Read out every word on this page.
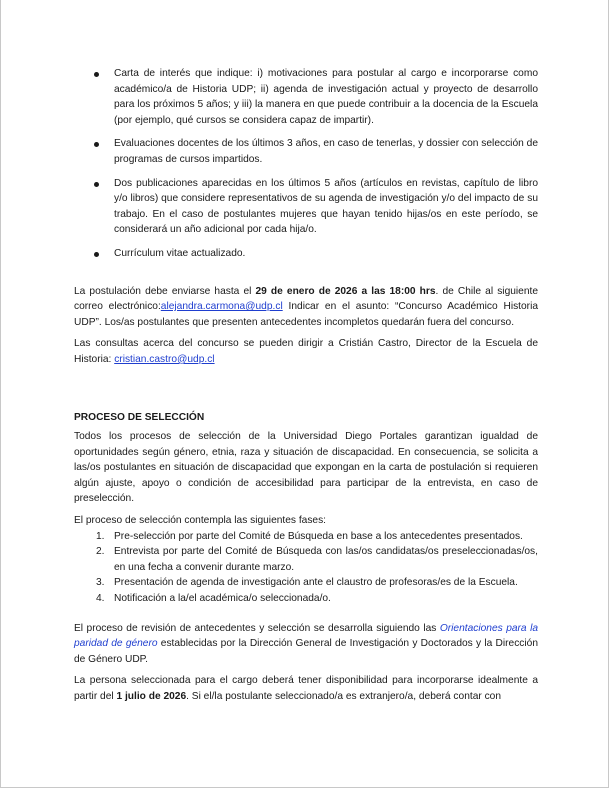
Carta de interés que indique: i) motivaciones para postular al cargo e incorporarse como académico/a de Historia UDP; ii) agenda de investigación actual y proyecto de desarrollo para los próximos 5 años; y iii) la manera en que puede contribuir a la docencia de la Escuela (por ejemplo, qué cursos se considera capaz de impartir).
Evaluaciones docentes de los últimos 3 años, en caso de tenerlas, y dossier con selección de programas de cursos impartidos.
Dos publicaciones aparecidas en los últimos 5 años (artículos en revistas, capítulo de libro y/o libros) que considere representativos de su agenda de investigación y/o del impacto de su trabajo. En el caso de postulantes mujeres que hayan tenido hijas/os en este período, se considerará un año adicional por cada hija/o.
Currículum vitae actualizado.

La postulación debe enviarse hasta el 29 de enero de 2026 a las 18:00 hrs. de Chile al siguiente correo electrónico:alejandra.carmona@udp.cl Indicar en el asunto: “Concurso Académico Historia UDP”. Los/as postulantes que presenten antecedentes incompletos quedarán fuera del concurso.

Las consultas acerca del concurso se pueden dirigir a Cristián Castro, Director de la Escuela de Historia: cristian.castro@udp.cl

PROCESO DE SELECCIÓN

Todos los procesos de selección de la Universidad Diego Portales garantizan igualdad de oportunidades según género, etnia, raza y situación de discapacidad. En consecuencia, se solicita a las/os postulantes en situación de discapacidad que expongan en la carta de postulación si requieren algún ajuste, apoyo o condición de accesibilidad para participar de la entrevista, en caso de preselección.

El proceso de selección contempla las siguientes fases:

1. Pre-selección por parte del Comité de Búsqueda en base a los antecedentes presentados.
2. Entrevista por parte del Comité de Búsqueda con las/os candidatas/os preseleccionadas/os, en una fecha a convenir durante marzo.
3. Presentación de agenda de investigación ante el claustro de profesoras/es de la Escuela.
4. Notificación a la/el académica/o seleccionada/o.

El proceso de revisión de antecedentes y selección se desarrolla siguiendo las Orientaciones para la paridad de género establecidas por la Dirección General de Investigación y Doctorados y la Dirección de Género UDP.

La persona seleccionada para el cargo deberá tener disponibilidad para incorporarse idealmente a partir del 1 julio de 2026. Si el/la postulante seleccionado/a es extranjero/a, deberá contar con
